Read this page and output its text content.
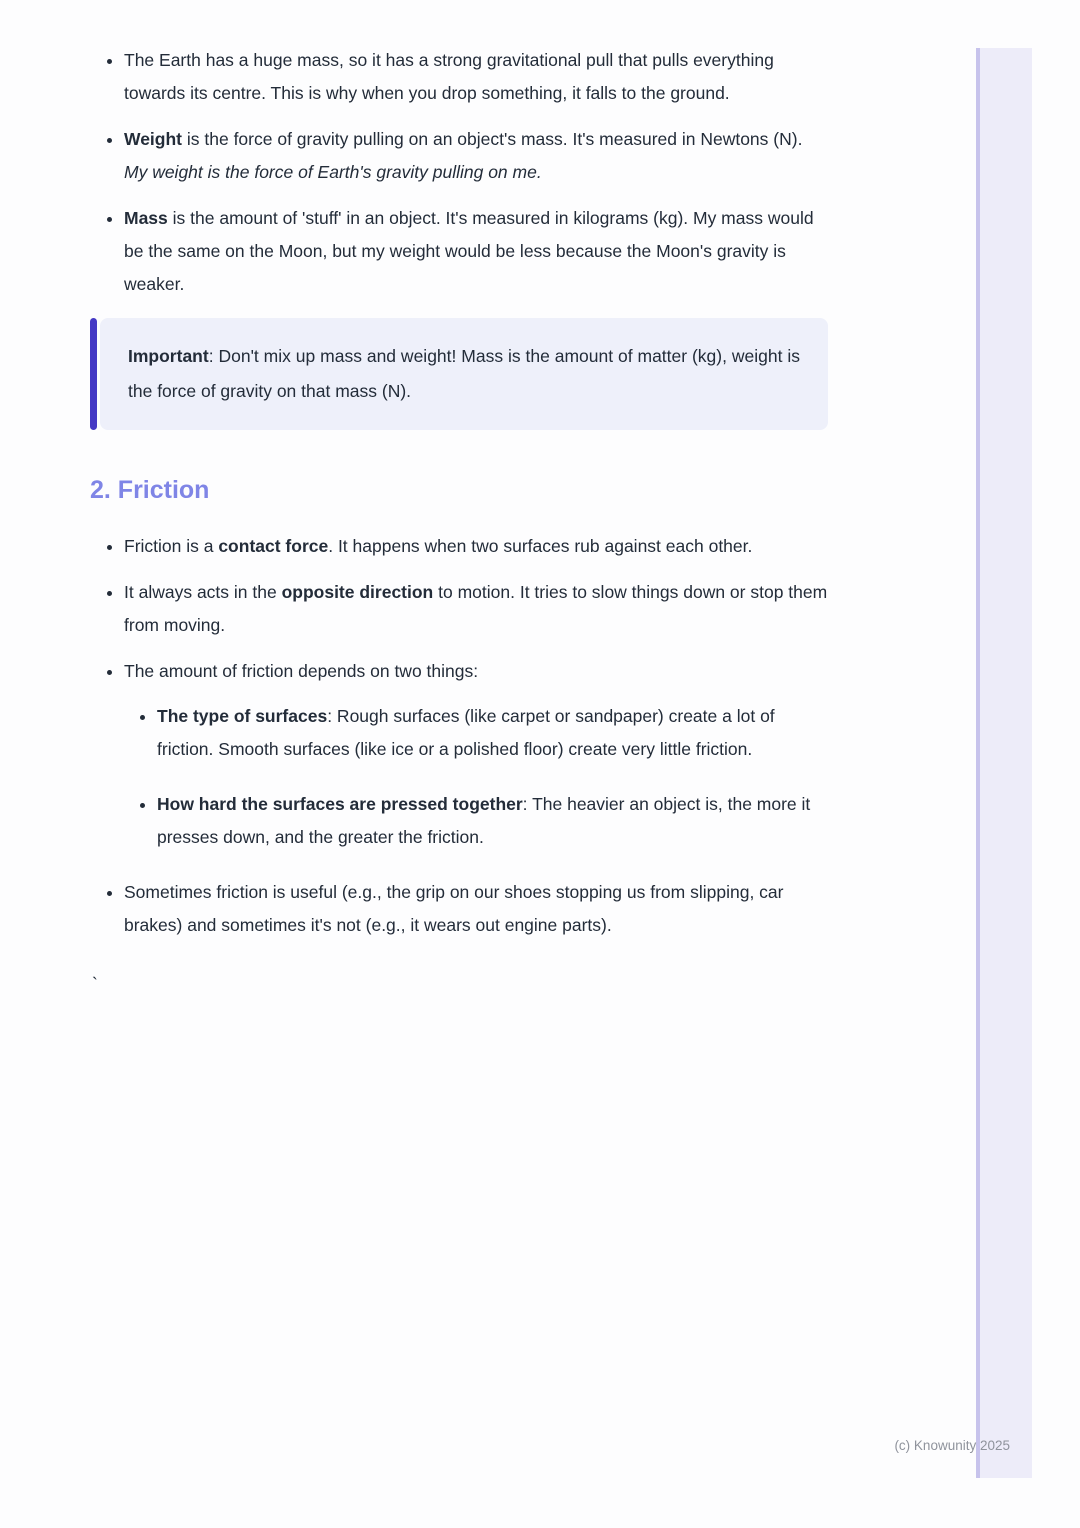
• The Earth has a huge mass, so it has a strong gravitational pull that pulls everything towards its centre. This is why when you drop something, it falls to the ground.
• Weight is the force of gravity pulling on an object's mass. It's measured in Newtons (N). My weight is the force of Earth's gravity pulling on me.
• Mass is the amount of 'stuff' in an object. It's measured in kilograms (kg). My mass would be the same on the Moon, but my weight would be less because the Moon's gravity is weaker.
Important: Don't mix up mass and weight! Mass is the amount of matter (kg), weight is the force of gravity on that mass (N).
2. Friction
• Friction is a contact force. It happens when two surfaces rub against each other.
• It always acts in the opposite direction to motion. It tries to slow things down or stop them from moving.
• The amount of friction depends on two things:
• The type of surfaces: Rough surfaces (like carpet or sandpaper) create a lot of friction. Smooth surfaces (like ice or a polished floor) create very little friction.
• How hard the surfaces are pressed together: The heavier an object is, the more it presses down, and the greater the friction.
• Sometimes friction is useful (e.g., the grip on our shoes stopping us from slipping, car brakes) and sometimes it's not (e.g., it wears out engine parts).

`

(c) Knowunity 2025
